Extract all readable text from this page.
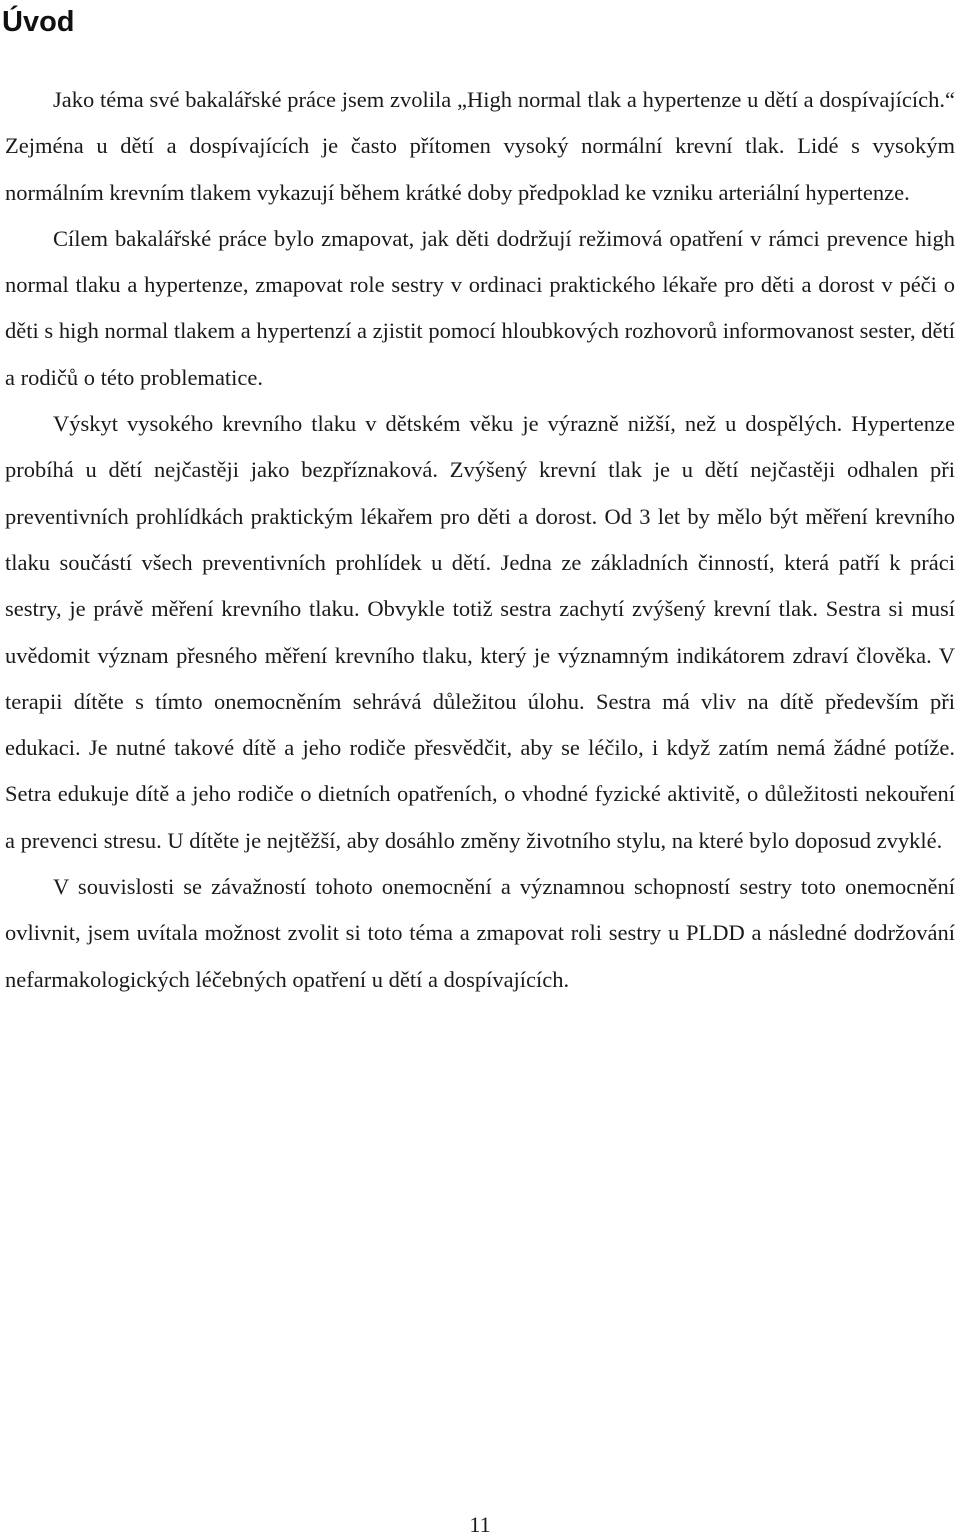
Úvod

Jako téma své bakalářské práce jsem zvolila „High normal tlak a hypertenze u dětí a dospívajících.“ Zejména u dětí a dospívajících je často přítomen vysoký normální krevní tlak. Lidé s vysokým normálním krevním tlakem vykazují během krátké doby předpoklad ke vzniku arteriální hypertenze.

Cílem bakalářské práce bylo zmapovat, jak děti dodržují režimová opatření v rámci prevence high normal tlaku a hypertenze, zmapovat role sestry v ordinaci praktického lékaře pro děti a dorost v péči o děti s high normal tlakem a hypertenzí a zjistit pomocí hloubkových rozhovorů informovanost sester, dětí a rodičů o této problematice.

Výskyt vysokého krevního tlaku v dětském věku je výrazně nižší, než u dospělých. Hypertenze probíhá u dětí nejčastěji jako bezpříznaková. Zvýšený krevní tlak je u dětí nejčastěji odhalen při preventivních prohlídkách praktickým lékařem pro děti a dorost. Od 3 let by mělo být měření krevního tlaku součástí všech preventivních prohlídek u dětí. Jedna ze základních činností, která patří k práci sestry, je právě měření krevního tlaku. Obvykle totiž sestra zachytí zvýšený krevní tlak. Sestra si musí uvědomit význam přesného měření krevního tlaku, který je významným indikátorem zdraví člověka. V terapii dítěte s tímto onemocněním sehrává důležitou úlohu. Sestra má vliv na dítě především při edukaci. Je nutné takové dítě a jeho rodiče přesvědčit, aby se léčilo, i když zatím nemá žádné potíže. Setra edukuje dítě a jeho rodiče o dietních opatřeních, o vhodné fyzické aktivitě, o důležitosti nekouření a prevenci stresu. U dítěte je nejtěžší, aby dosáhlo změny životního stylu, na které bylo doposud zvyklé.

V souvislosti se závažností tohoto onemocnění a významnou schopností sestry toto onemocnění ovlivnit, jsem uvítala možnost zvolit si toto téma a zmapovat roli sestry u PLDD a následné dodržování nefarmakologických léčebných opatření u dětí a dospívajících.

11
